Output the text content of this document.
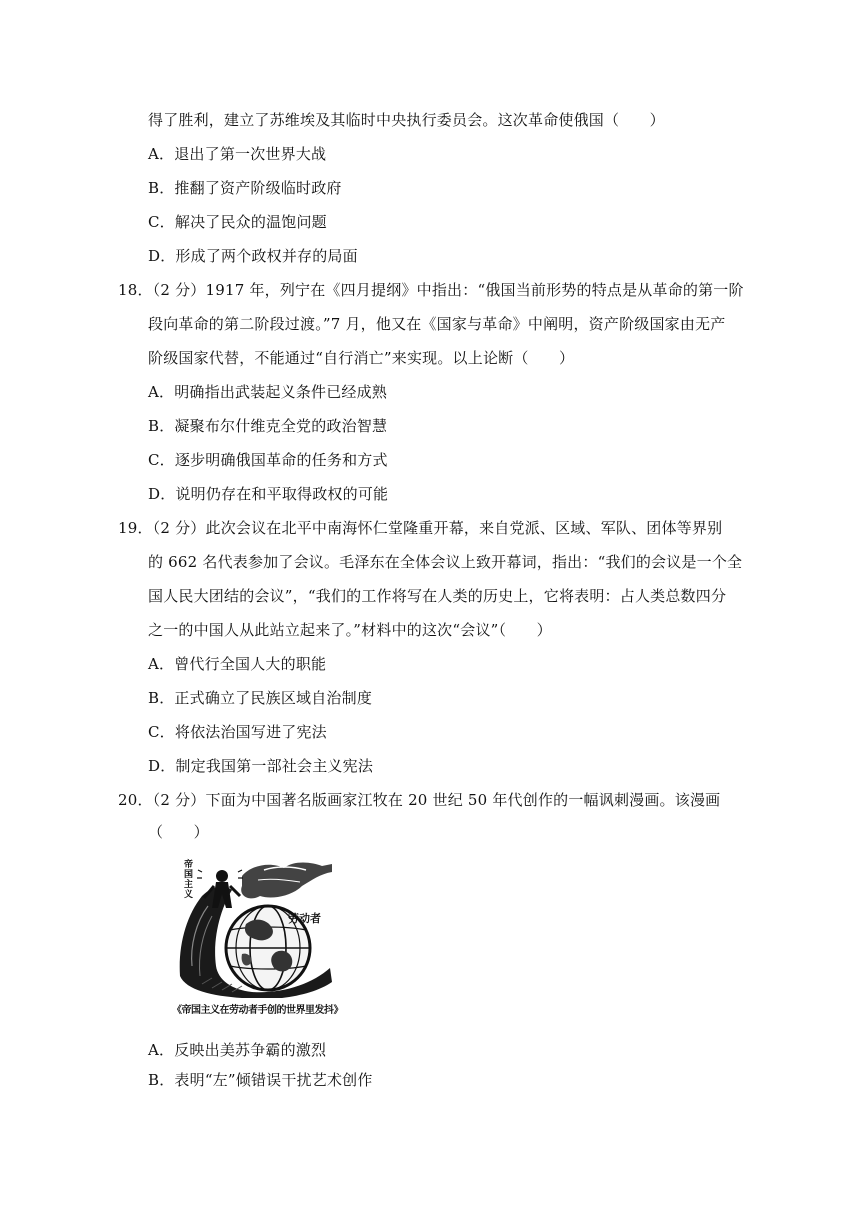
得了胜利，建立了苏维埃及其临时中央执行委员会。这次革命使俄国（　　）
A．退出了第一次世界大战
B．推翻了资产阶级临时政府
C．解决了民众的温饱问题
D．形成了两个政权并存的局面
18．（2 分）1917 年，列宁在《四月提纲》中指出：“俄国当前形势的特点是从革命的第一阶
段向革命的第二阶段过渡。”7 月，他又在《国家与革命》中阐明，资产阶级国家由无产
阶级国家代替，不能通过“自行消亡”来实现。以上论断（　　）
A．明确指出武装起义条件已经成熟
B．凝聚布尔什维克全党的政治智慧
C．逐步明确俄国革命的任务和方式
D．说明仍存在和平取得政权的可能
19．（2 分）此次会议在北平中南海怀仁堂隆重开幕，来自党派、区域、军队、团体等界别
的 662 名代表参加了会议。毛泽东在全体会议上致开幕词，指出：“我们的会议是一个全
国人民大团结的会议”，“我们的工作将写在人类的历史上，它将表明：占人类总数四分
之一的中国人从此站立起来了。”材料中的这次“会议”（　　）
A．曾代行全国人大的职能
B．正式确立了民族区域自治制度
C．将依法治国写进了宪法
D．制定我国第一部社会主义宪法
20．（2 分）下面为中国著名版画家江牧在 20 世纪 50 年代创作的一幅讽刺漫画。该漫画
（　　）
帝国主义
劳动者
《帝国主义在劳动者手创的世界里发抖》
A．反映出美苏争霸的激烈
B．表明“左”倾错误干扰艺术创作
